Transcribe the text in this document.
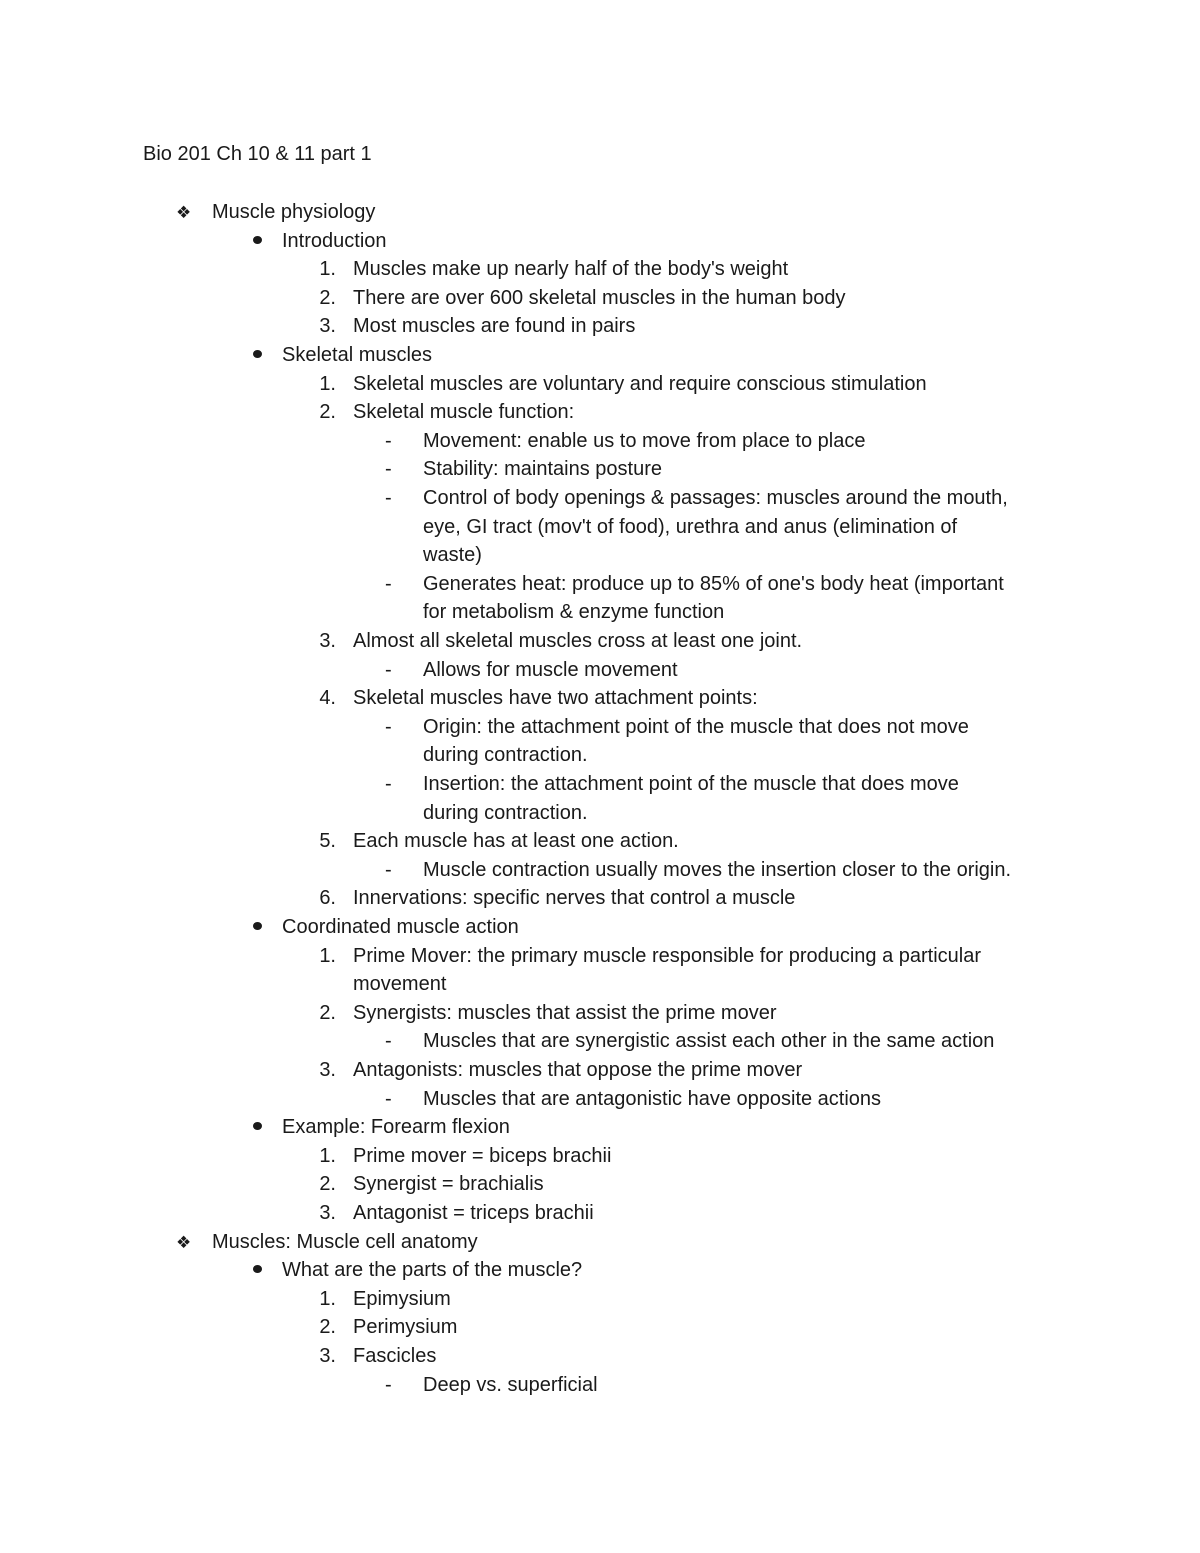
Bio 201 Ch 10 & 11 part 1
❖	Muscle physiology
Introduction
1. Muscles make up nearly half of the body's weight
2. There are over 600 skeletal muscles in the human body
3. Most muscles are found in pairs
Skeletal muscles
1. Skeletal muscles are voluntary and require conscious stimulation
2. Skeletal muscle function:
-	Movement: enable us to move from place to place
-	Stability: maintains posture
-	Control of body openings & passages: muscles around the mouth,
eye, GI tract (mov't of food), urethra and anus (elimination of
waste)
-	Generates heat: produce up to 85% of one's body heat (important
for metabolism & enzyme function
3. Almost all skeletal muscles cross at least one joint.
-	Allows for muscle movement
4. Skeletal muscles have two attachment points:
-	Origin: the attachment point of the muscle that does not move
during contraction.
-	Insertion: the attachment point of the muscle that does move
during contraction.
5. Each muscle has at least one action.
-	Muscle contraction usually moves the insertion closer to the origin.
6. Innervations: specific nerves that control a muscle
Coordinated muscle action
1. Prime Mover: the primary muscle responsible for producing a particular
movement
2. Synergists: muscles that assist the prime mover
-	Muscles that are synergistic assist each other in the same action
3. Antagonists: muscles that oppose the prime mover
-	Muscles that are antagonistic have opposite actions
Example: Forearm flexion
1. Prime mover = biceps brachii
2. Synergist = brachialis
3. Antagonist = triceps brachii
❖	Muscles: Muscle cell anatomy
What are the parts of the muscle?
1. Epimysium
2. Perimysium
3. Fascicles
-	Deep vs. superficial
